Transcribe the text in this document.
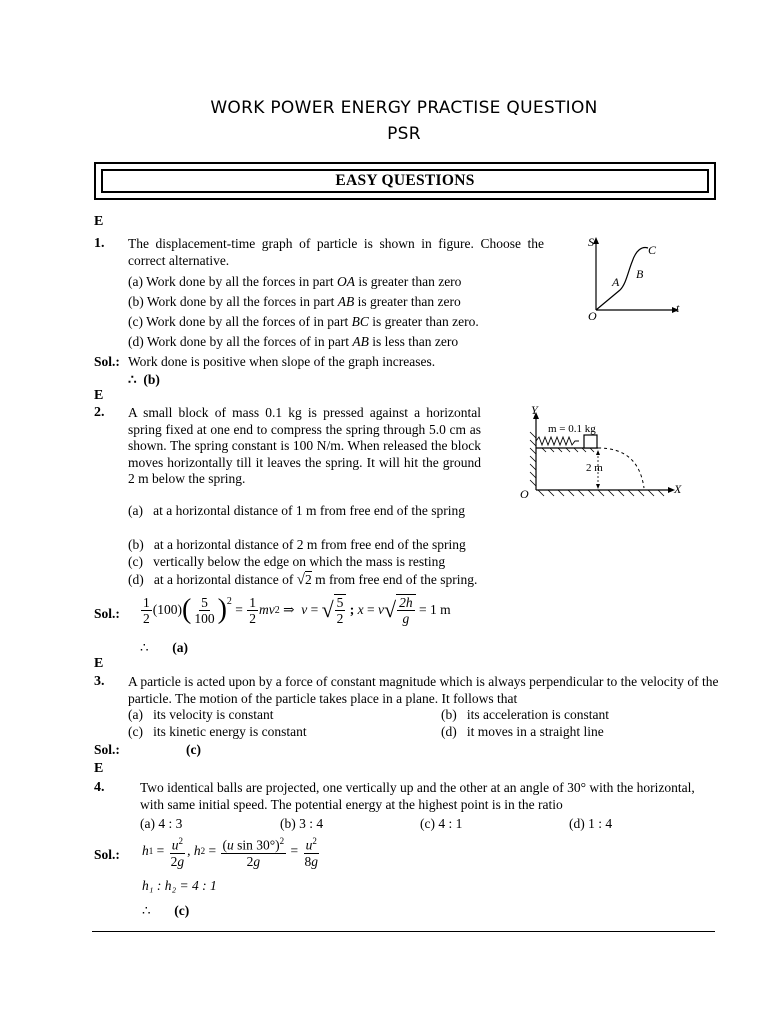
WORK POWER ENERGY PRACTISE QUESTION
PSR
EASY QUESTIONS
E
1. The displacement-time graph of particle is shown in figure. Choose the correct alternative.
(a) Work done by all the forces in part OA is greater than zero
(b) Work done by all the forces in part AB is greater than zero
(c) Work done by all the forces of in part BC is greater than zero.
(d) Work done by all the forces of in part AB is less than zero
S
t
O
A
B
C
Sol.: Work done is positive when slope of the graph increases.
∴ (b)
E
2. A small block of mass 0.1 kg is pressed against a horizontal spring fixed at one end to compress the spring through 5.0 cm as shown. The spring constant is 100 N/m. When released the block moves horizontally till it leaves the spring. It will hit the ground 2 m below the spring.
(a) at a horizontal distance of 1 m from free end of the spring
(b) at a horizontal distance of 2 m from free end of the spring
(c) vertically below the edge on which the mass is resting
(d) at a horizontal distance of √2 m from free end of the spring.
m = 0.1 kg
2 m
Y
X
O
Sol.: $\frac{1}{2} (100)$ ( $\frac{5}{100} )^2$
= $\frac{1}{2}$ mv 2 ⇒ v = √ $\frac{5}{2}$ ; x = v √ $\frac{2h}{g} = 1$ m
∴ (a)
E
3. A particle is acted upon by a force of constant magnitude which is always perpendicular to the velocity of the particle. The motion of the particle takes place in a plane. It follows that
(a) its velocity is constant	(b) its acceleration is constant
(c) its kinetic energy is constant	(d) it moves in a straight line
Sol.:	(c)
E
4.	Two identical balls are projected, one vertically up and the other at an angle of 30° with the horizontal, with same initial speed. The potential energy at the highest point is in the ratio
(a) 4 : 3	(b) 3 : 4	(c) 4 : 1	(d) 1 : 4
Sol.: h $1 = \frac{u^2}{2g}$ , h $2 = \frac{(u \sin 30^\circ)^2}{2g} = \frac{u^2}{8g}$
h₁ : h₂ = 4 : 1
∴ (c)
